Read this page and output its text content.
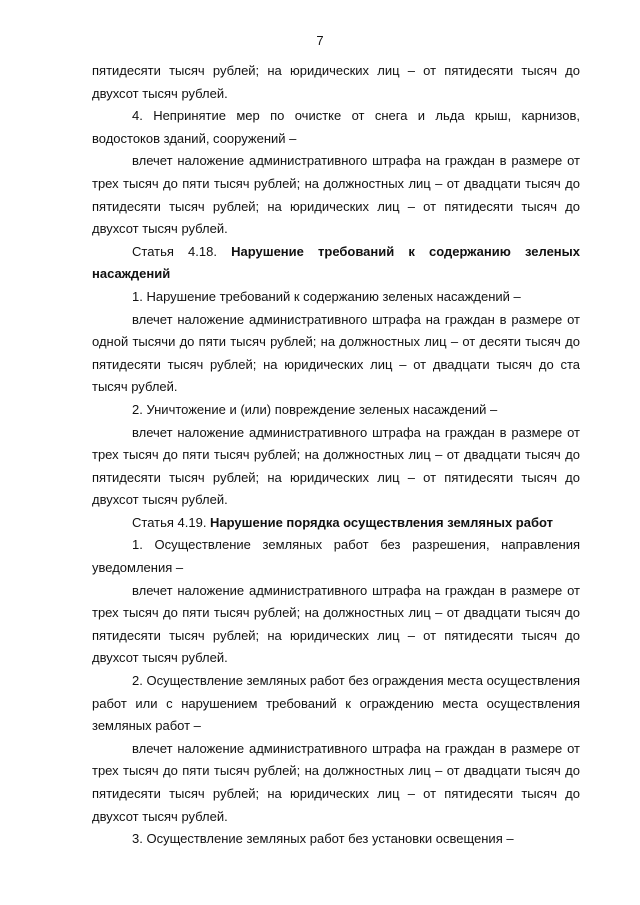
7

пятидесяти тысяч рублей; на юридических лиц – от пятидесяти тысяч до двухсот тысяч рублей.

4. Непринятие мер по очистке от снега и льда крыш, карнизов, водостоков зданий, сооружений –

влечет наложение административного штрафа на граждан в размере от трех тысяч до пяти тысяч рублей; на должностных лиц – от двадцати тысяч до пятидесяти тысяч рублей; на юридических лиц – от пятидесяти тысяч до двухсот тысяч рублей.

Статья 4.18. Нарушение требований к содержанию зеленых насаждений

1. Нарушение требований к содержанию зеленых насаждений –

влечет наложение административного штрафа на граждан в размере от одной тысячи до пяти тысяч рублей; на должностных лиц – от десяти тысяч до пятидесяти тысяч рублей; на юридических лиц – от двадцати тысяч до ста тысяч рублей.

2. Уничтожение и (или) повреждение зеленых насаждений –

влечет наложение административного штрафа на граждан в размере от трех тысяч до пяти тысяч рублей; на должностных лиц – от двадцати тысяч до пятидесяти тысяч рублей; на юридических лиц – от пятидесяти тысяч до двухсот тысяч рублей.

Статья 4.19. Нарушение порядка осуществления земляных работ

1. Осуществление земляных работ без разрешения, направления уведомления –

влечет наложение административного штрафа на граждан в размере от трех тысяч до пяти тысяч рублей; на должностных лиц – от двадцати тысяч до пятидесяти тысяч рублей; на юридических лиц – от пятидесяти тысяч до двухсот тысяч рублей.

2. Осуществление земляных работ без ограждения места осуществления работ или с нарушением требований к ограждению места осуществления земляных работ –

влечет наложение административного штрафа на граждан в размере от трех тысяч до пяти тысяч рублей; на должностных лиц – от двадцати тысяч до пятидесяти тысяч рублей; на юридических лиц – от пятидесяти тысяч до двухсот тысяч рублей.

3. Осуществление земляных работ без установки освещения –
